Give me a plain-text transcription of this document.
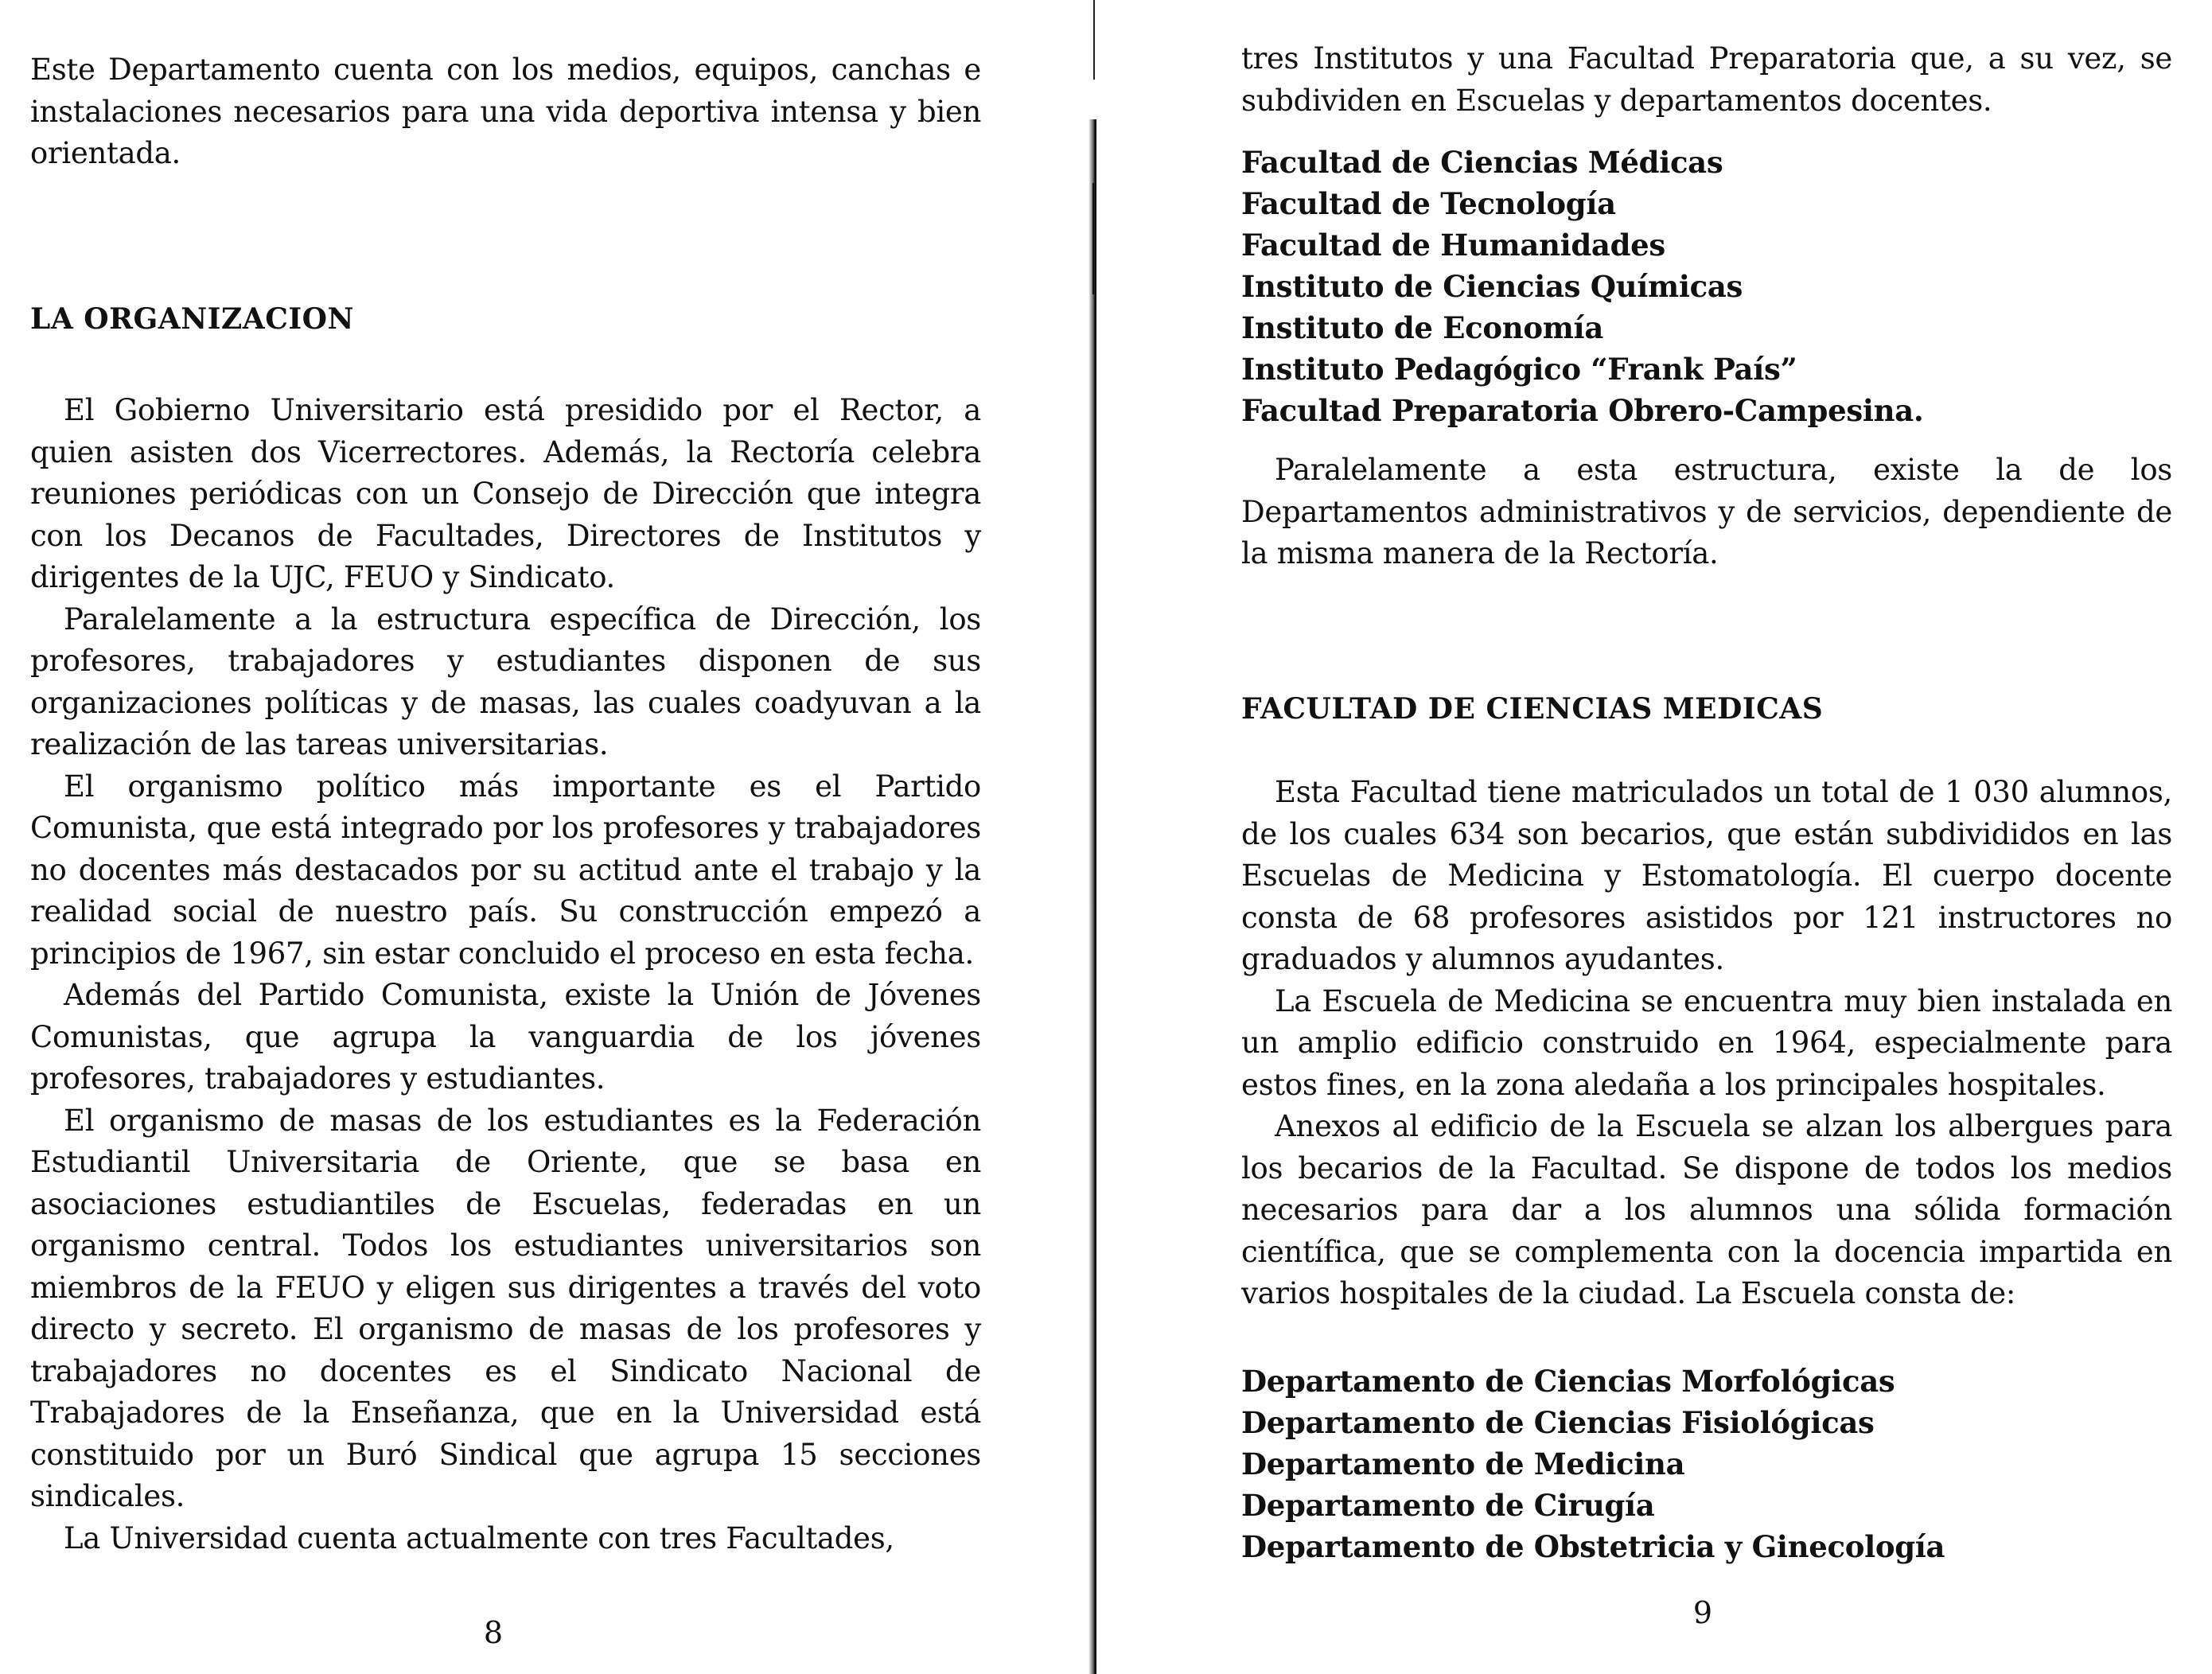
Este Departamento cuenta con los medios, equipos, canchas e instalaciones necesarios para una vida deportiva intensa y bien orientada.

LA ORGANIZACION

El Gobierno Universitario está presidido por el Rector, a quien asisten dos Vicerrectores. Además, la Rectoría celebra reuniones periódicas con un Consejo de Dirección que integra con los Decanos de Facultades, Directores de Institutos y dirigentes de la UJC, FEUO y Sindicato.

Paralelamente a la estructura específica de Dirección, los profesores, trabajadores y estudiantes disponen de sus organizaciones políticas y de masas, las cuales coadyuvan a la realización de las tareas universitarias.

El organismo político más importante es el Partido Comunista, que está integrado por los profesores y trabajadores no docentes más destacados por su actitud ante el trabajo y la realidad social de nuestro país. Su construcción empezó a principios de 1967, sin estar concluido el proceso en esta fecha.

Además del Partido Comunista, existe la Unión de Jóvenes Comunistas, que agrupa la vanguardia de los jóvenes profesores, trabajadores y estudiantes.

El organismo de masas de los estudiantes es la Federación Estudiantil Universitaria de Oriente, que se basa en asociaciones estudiantiles de Escuelas, federadas en un organismo central. Todos los estudiantes universitarios son miembros de la FEUO y eligen sus dirigentes a través del voto directo y secreto. El organismo de masas de los profesores y trabajadores no docentes es el Sindicato Nacional de Trabajadores de la Enseñanza, que en la Universidad está constituido por un Buró Sindical que agrupa 15 secciones sindicales.

La Universidad cuenta actualmente con tres Facultades,

8

tres Institutos y una Facultad Preparatoria que, a su vez, se subdividen en Escuelas y departamentos docentes.

Facultad de Ciencias Médicas
Facultad de Tecnología
Facultad de Humanidades
Instituto de Ciencias Químicas
Instituto de Economía
Instituto Pedagógico “Frank País”
Facultad Preparatoria Obrero-Campesina.

Paralelamente a esta estructura, existe la de los Departamentos administrativos y de servicios, dependiente de la misma manera de la Rectoría.

FACULTAD DE CIENCIAS MEDICAS

Esta Facultad tiene matriculados un total de 1 030 alumnos, de los cuales 634 son becarios, que están subdivididos en las Escuelas de Medicina y Estomatología. El cuerpo docente consta de 68 profesores asistidos por 121 instructores no graduados y alumnos ayudantes.

La Escuela de Medicina se encuentra muy bien instalada en un amplio edificio construido en 1964, especialmente para estos fines, en la zona aledaña a los principales hospitales.

Anexos al edificio de la Escuela se alzan los albergues para los becarios de la Facultad. Se dispone de todos los medios necesarios para dar a los alumnos una sólida formación científica, que se complementa con la docencia impartida en varios hospitales de la ciudad. La Escuela consta de:

Departamento de Ciencias Morfológicas
Departamento de Ciencias Fisiológicas
Departamento de Medicina
Departamento de Cirugía
Departamento de Obstetricia y Ginecología
9
